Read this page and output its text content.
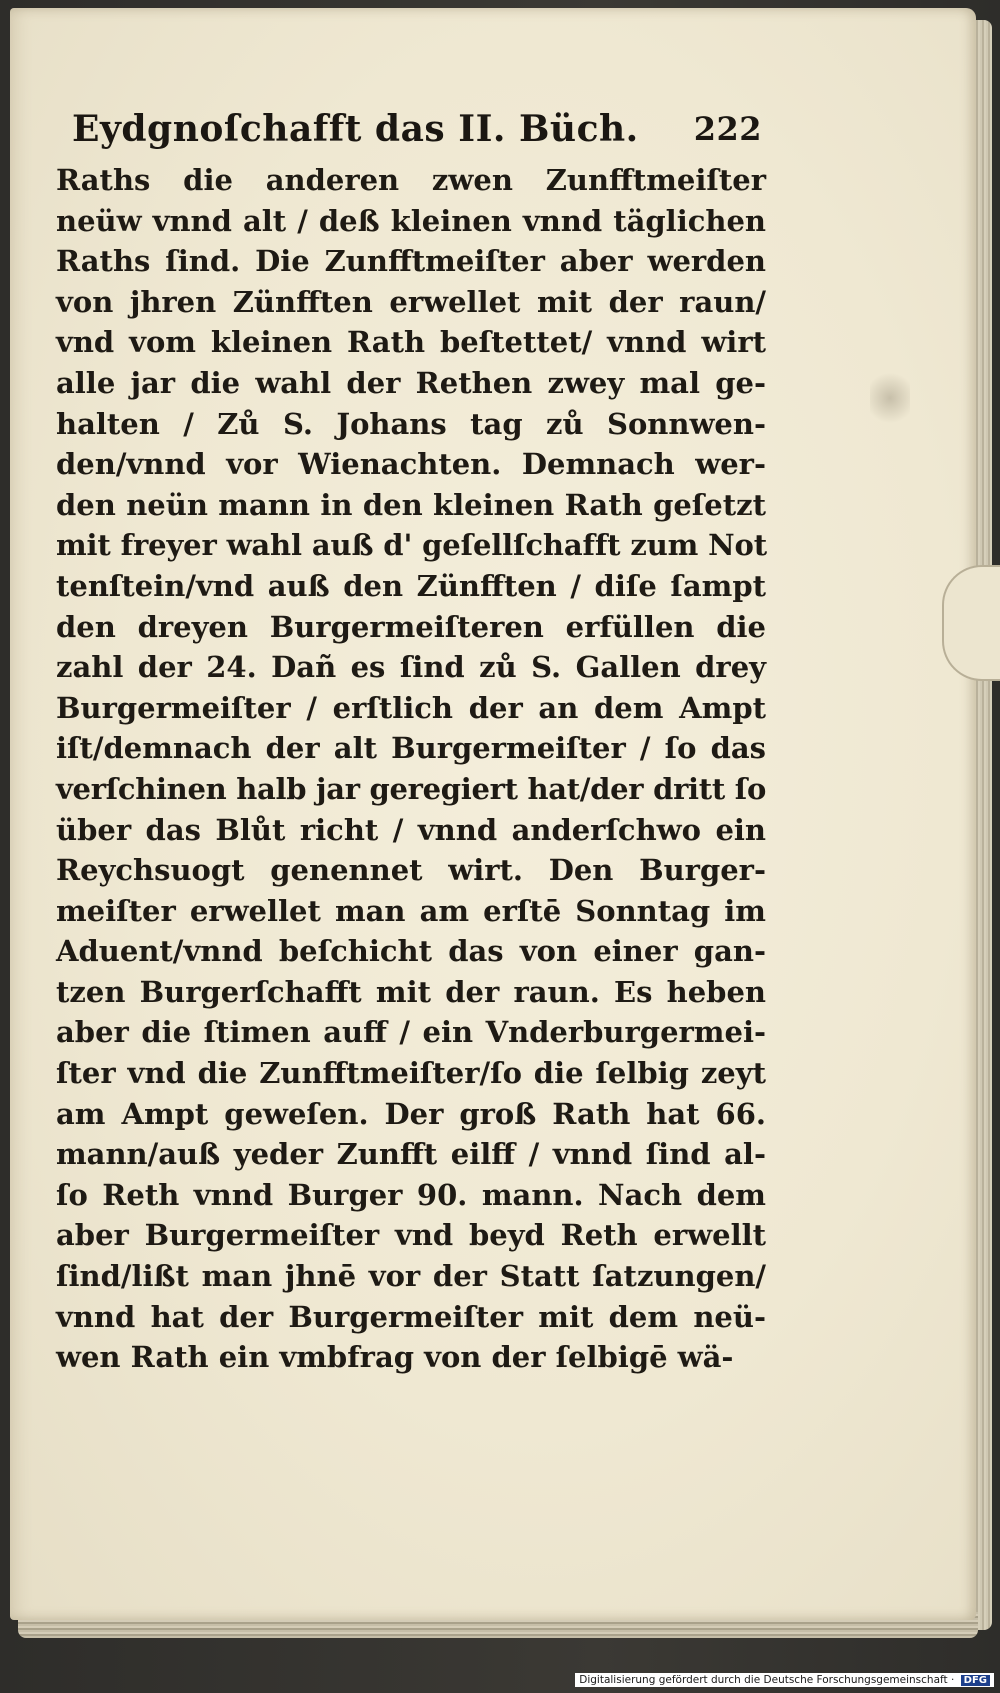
Eydgnoſchafft das II. Büch. 222
Raths die anderen zwen Zunfftmeiſter
neüw vnnd alt / deß kleinen vnnd täglichen
Raths ſind. Die Zunfftmeiſter aber werden
von jhren Zünfften erwellet mit der raun/
vnd vom kleinen Rath beſtettet/ vnnd wirt
alle jar die wahl der Rethen zwey mal ge-
halten / Zů S. Johans tag zů Sonnwen-
den/vnnd vor Wienachten. Demnach wer-
den neün mann in den kleinen Rath geſetzt
mit freyer wahl auß d' geſellſchafft zum Not
tenſtein/vnd auß den Zünfften / diſe ſampt
den dreyen Burgermeiſteren erfüllen die
zahl der 24. Dañ es ſind zů S. Gallen drey
Burgermeiſter / erſtlich der an dem Ampt
iſt/demnach der alt Burgermeiſter / ſo das
verſchinen halb jar geregiert hat/der dritt ſo
über das Blůt richt / vnnd anderſchwo ein
Reychsuogt genennet wirt. Den Burger-
meiſter erwellet man am erſtē Sonntag im
Aduent/vnnd beſchicht das von einer gan-
tzen Burgerſchafft mit der raun. Es heben
aber die ſtimen auff / ein Vnderburgermei-
ſter vnd die Zunfftmeiſter/ſo die ſelbig zeyt
am Ampt geweſen. Der groß Rath hat 66.
mann/auß yeder Zunfft eilff / vnnd ſind al-
ſo Reth vnnd Burger 90. mann. Nach dem
aber Burgermeiſter vnd beyd Reth erwellt
ſind/lißt man jhnē vor der Statt ſatzungen/
vnnd hat der Burgermeiſter mit dem neü-
wen Rath ein vmbfrag von der ſelbigē wä-
Digitalisierung gefördert durch die Deutsche Forschungsgemeinschaft · DFG
